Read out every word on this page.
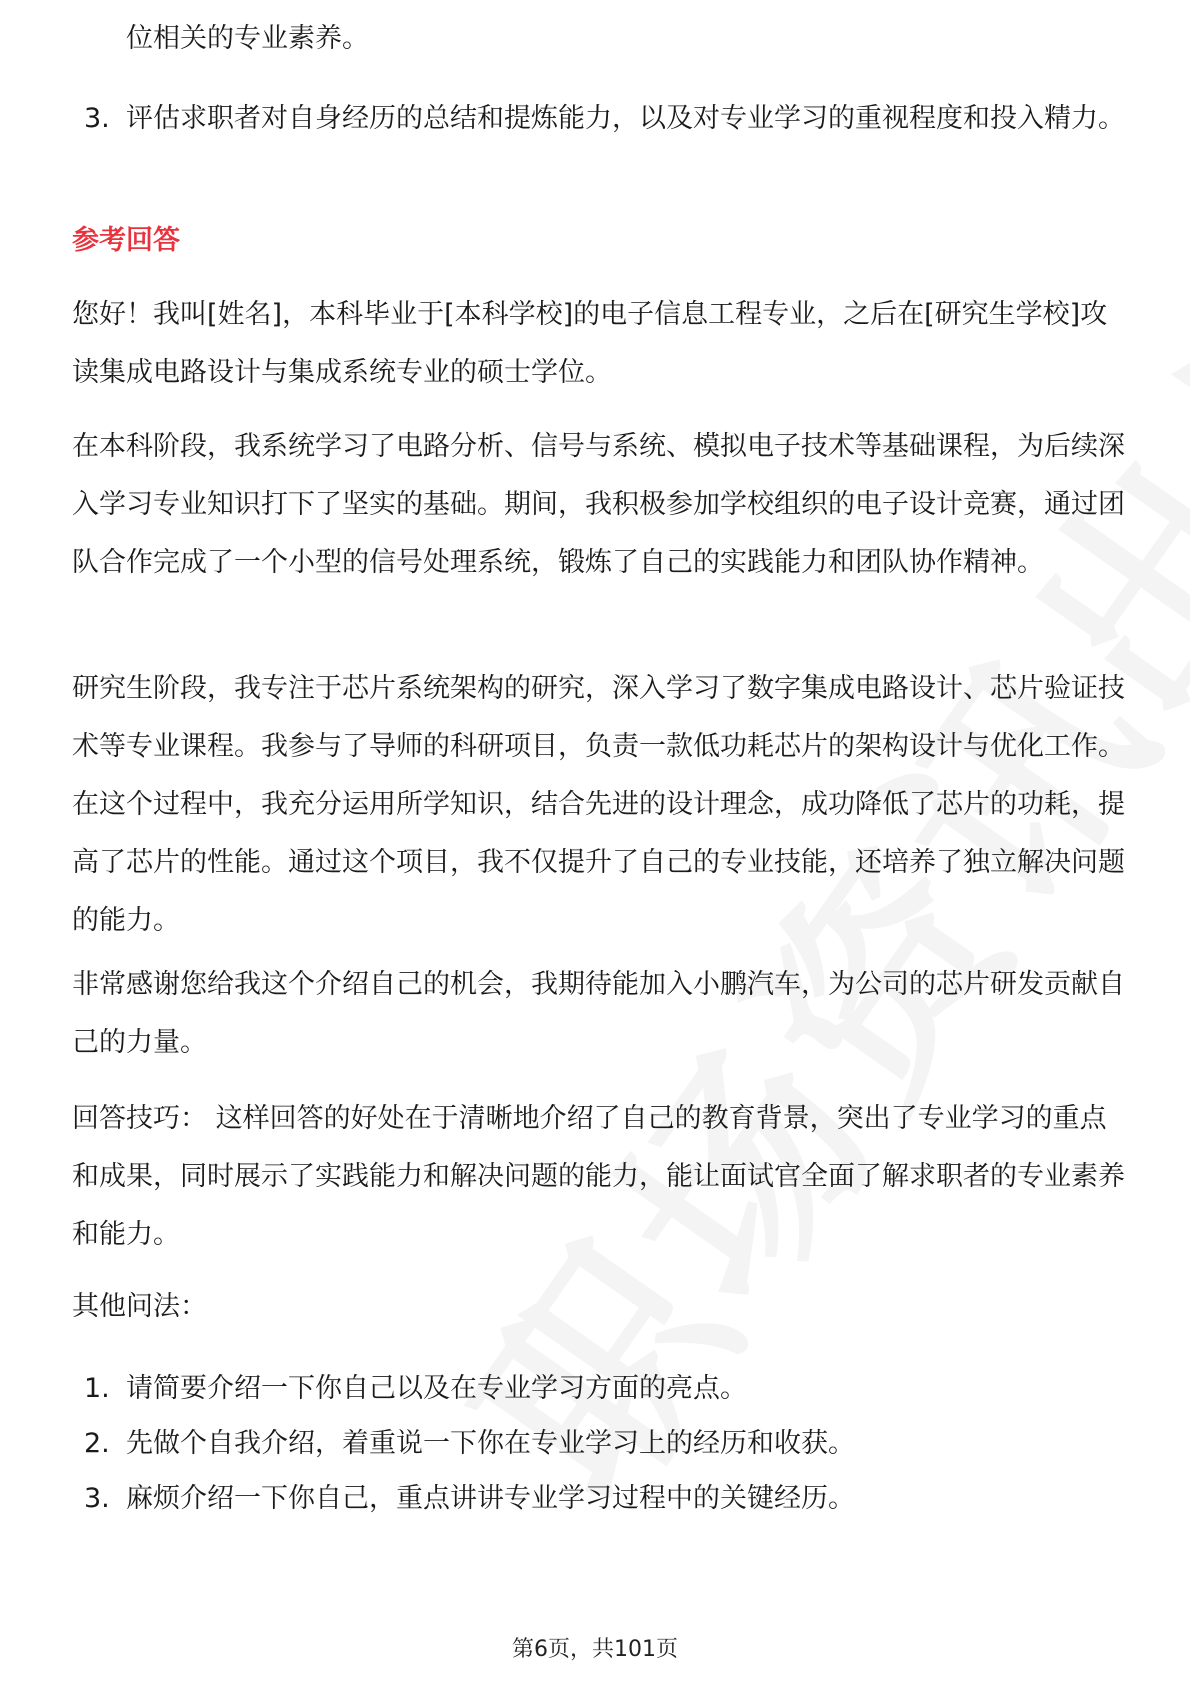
位相关的专业素养。
3. 评估求职者对自身经历的总结和提炼能力，以及对专业学习的重视程度和投入精力。
参考回答

您好！我叫[姓名]，本科毕业于[本科学校]的电子信息工程专业，之后在[研究生学校]攻读集成电路设计与集成系统专业的硕士学位。

在本科阶段，我系统学习了电路分析、信号与系统、模拟电子技术等基础课程，为后续深入学习专业知识打下了坚实的基础。期间，我积极参加学校组织的电子设计竞赛，通过团队合作完成了一个小型的信号处理系统，锻炼了自己的实践能力和团队协作精神。

研究生阶段，我专注于芯片系统架构的研究，深入学习了数字集成电路设计、芯片验证技术等专业课程。我参与了导师的科研项目，负责一款低功耗芯片的架构设计与优化工作。在这个过程中，我充分运用所学知识，结合先进的设计理念，成功降低了芯片的功耗，提高了芯片的性能。通过这个项目，我不仅提升了自己的专业技能，还培养了独立解决问题的能力。

非常感谢您给我这个介绍自己的机会，我期待能加入小鹏汽车，为公司的芯片研发贡献自己的力量。

回答技巧： 这样回答的好处在于清晰地介绍了自己的教育背景，突出了专业学习的重点和成果，同时展示了实践能力和解决问题的能力，能让面试官全面了解求职者的专业素养和能力。

其他问法：
1. 请简要介绍一下你自己以及在专业学习方面的亮点。
2. 先做个自我介绍，着重说一下你在专业学习上的经历和收获。
3. 麻烦介绍一下你自己，重点讲讲专业学习过程中的关键经历。
第6页，共101页
